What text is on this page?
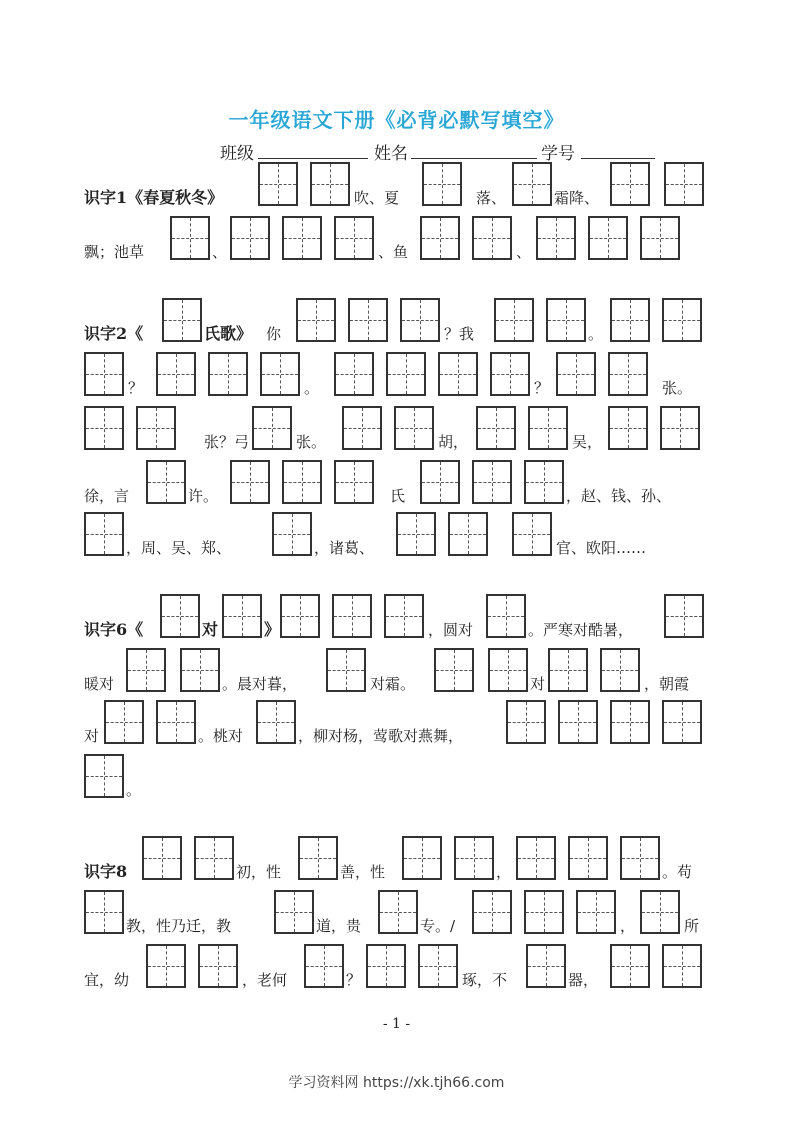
一年级语文下册《必背必默写填空》
班级	姓名	学号
识字1《春夏秋冬》	吹、夏	落、	霜降、
飘；池草	、	、鱼	、
识字2《	氏歌》 你	？我	。
？	。	？	张。
张？弓	张。	胡，	吴，
徐，言	许。	氏	，赵、钱、孙、
，周、吴、郑、	，诸葛、	官、欧阳……
识字6《	对	》	，圆对	。严寒对酷暑，
暖对	。晨对暮，	对霜。	对	，朝霞
对	。桃对	，柳对杨，莺歌对燕舞，
。
识字8	初，性	善，性	，	。苟
教，性乃迁，教	道，贵	专。/	，	所
宜，幼	，老何	？	琢，不	器，
- 1 -
学习资料网 https://xk.tjh66.com
